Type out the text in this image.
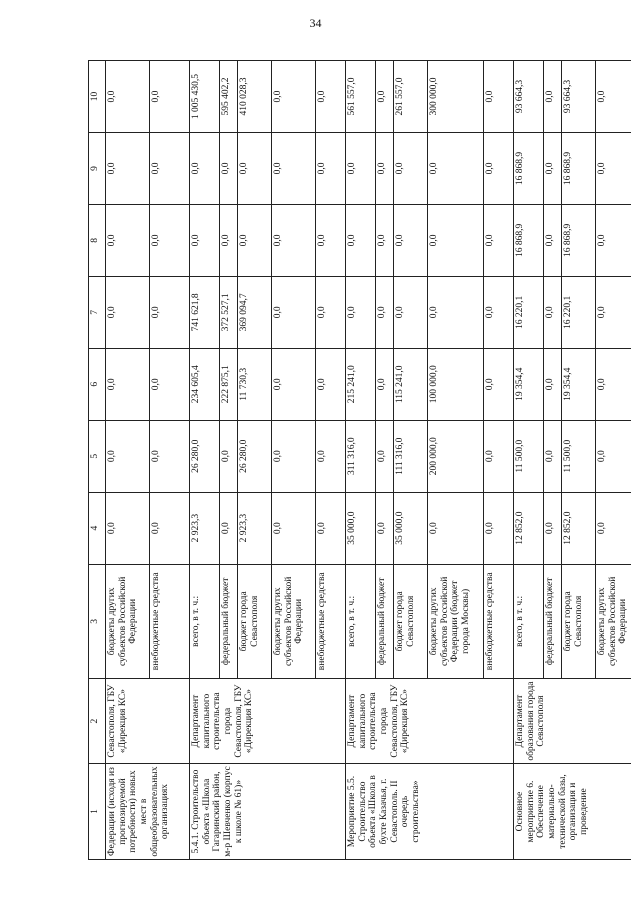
34
1	2	3	4	5	6	7	8	9	10
Федерации (исходя из прогнозируемой потребности) новых мест в общеобразовательных организациях	Севастополя, ГБУ «Дирекция КС»	бюджеты других субъектов Российской Федерации	0,0	0,0	0,0	0,0	0,0	0,0	0,0
		внебюджетные средства	0,0	0,0	0,0	0,0	0,0	0,0	0,0
5.4.1. Строительство объекта «Школа Гагаринский район, м-р Шевченко (корпус к школе № 61)»	Департамент капитального строительства города Севастополя, ГБУ «Дирекция КС»	всего, в т. ч.:	2 923,3	26 280,0	234 605,4	741 621,8	0,0	0,0	1 005 430,5
		федеральный бюджет	0,0	0,0	222 875,1	372 527,1	0,0	0,0	595 402,2
		бюджет города Севастополя	2 923,3	26 280,0	11 730,3	369 094,7	0,0	0,0	410 028,3
		бюджеты других субъектов Российской Федерации	0,0	0,0	0,0	0,0	0,0	0,0	0,0
		внебюджетные средства	0,0	0,0	0,0	0,0	0,0	0,0	0,0
Мероприятие 5.5. Строительство объекта «Школа в бухте Казачья, г. Севастополь. II очередь строительства»	Департамент капитального строительства города Севастополя, ГБУ «Дирекция КС»	всего, в т. ч.:	35 000,0	311 316,0	215 241,0	0,0	0,0	0,0	561 557,0
		федеральный бюджет	0,0	0,0	0,0	0,0	0,0	0,0	0,0
		бюджет города Севастополя	35 000,0	111 316,0	115 241,0	0,0	0,0	0,0	261 557,0
		бюджеты других субъектов Российской Федерации (бюджет города Москвы)	0,0	200 000,0	100 000,0	0,0	0,0	0,0	300 000,0
		внебюджетные средства	0,0	0,0	0,0	0,0	0,0	0,0	0,0
Основное мероприятие 6. Обеспечение материально-технической базы, организация и проведение	Департамент образования города Севастополя	всего, в т. ч.:	12 852,0	11 500,0	19 354,4	16 220,1	16 868,9	16 868,9	93 664,3
		федеральный бюджет	0,0	0,0	0,0	0,0	0,0	0,0	0,0
		бюджет города Севастополя	12 852,0	11 500,0	19 354,4	16 220,1	16 868,9	16 868,9	93 664,3
		бюджеты других субъектов Российской Федерации	0,0	0,0	0,0	0,0	0,0	0,0	0,0
